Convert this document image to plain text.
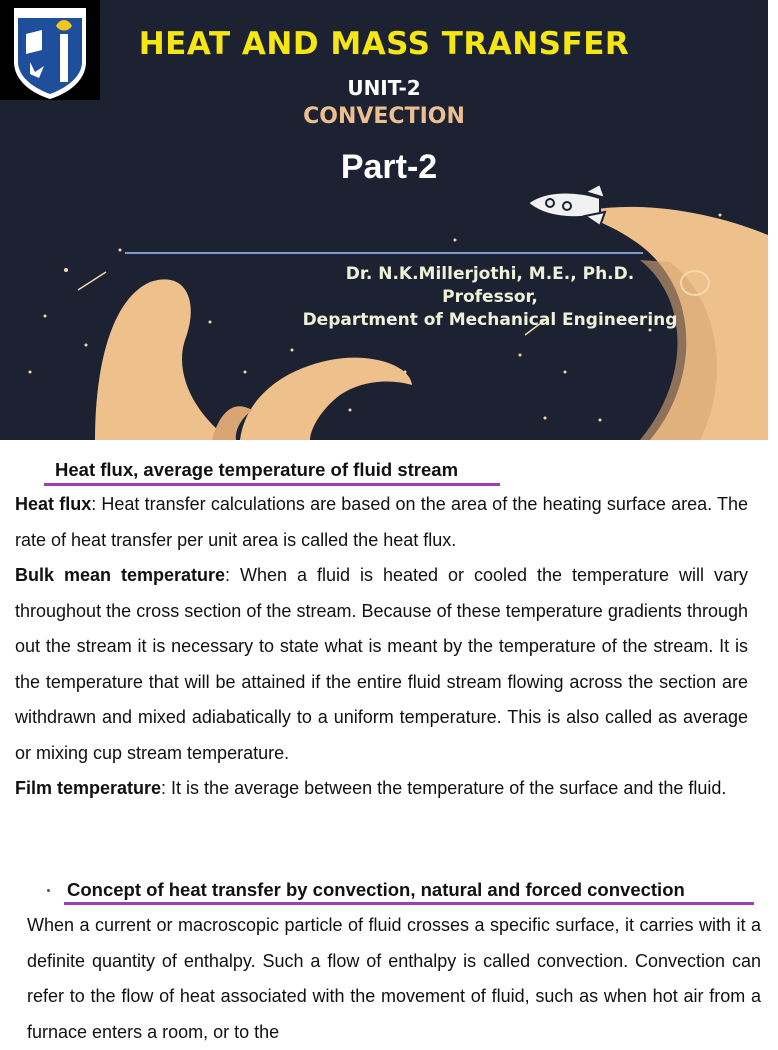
HEAT AND MASS TRANSFER
UNIT-2
CONVECTION
Part-2
Dr. N.K.Millerjothi, M.E., Ph.D.
Professor,
Department of Mechanical Engineering
Heat flux, average temperature of fluid stream
Heat flux: Heat transfer calculations are based on the area of the heating surface area. The rate of heat transfer per unit area is called the heat flux.
Bulk mean temperature: When a fluid is heated or cooled the temperature will vary throughout the cross section of the stream. Because of these temperature gradients through out the stream it is necessary to state what is meant by the temperature of the stream. It is the temperature that will be attained if the entire fluid stream flowing across the section are withdrawn and mixed adiabatically to a uniform temperature. This is also called as average or mixing cup stream temperature.
Film temperature: It is the average between the temperature of the surface and the fluid.
Concept of heat transfer by convection, natural and forced convection
When a current or macroscopic particle of fluid crosses a specific surface, it carries with it a definite quantity of enthalpy. Such a flow of enthalpy is called convection. Convection can refer to the flow of heat associated with the movement of fluid, such as when hot air from a furnace enters a room, or to the
